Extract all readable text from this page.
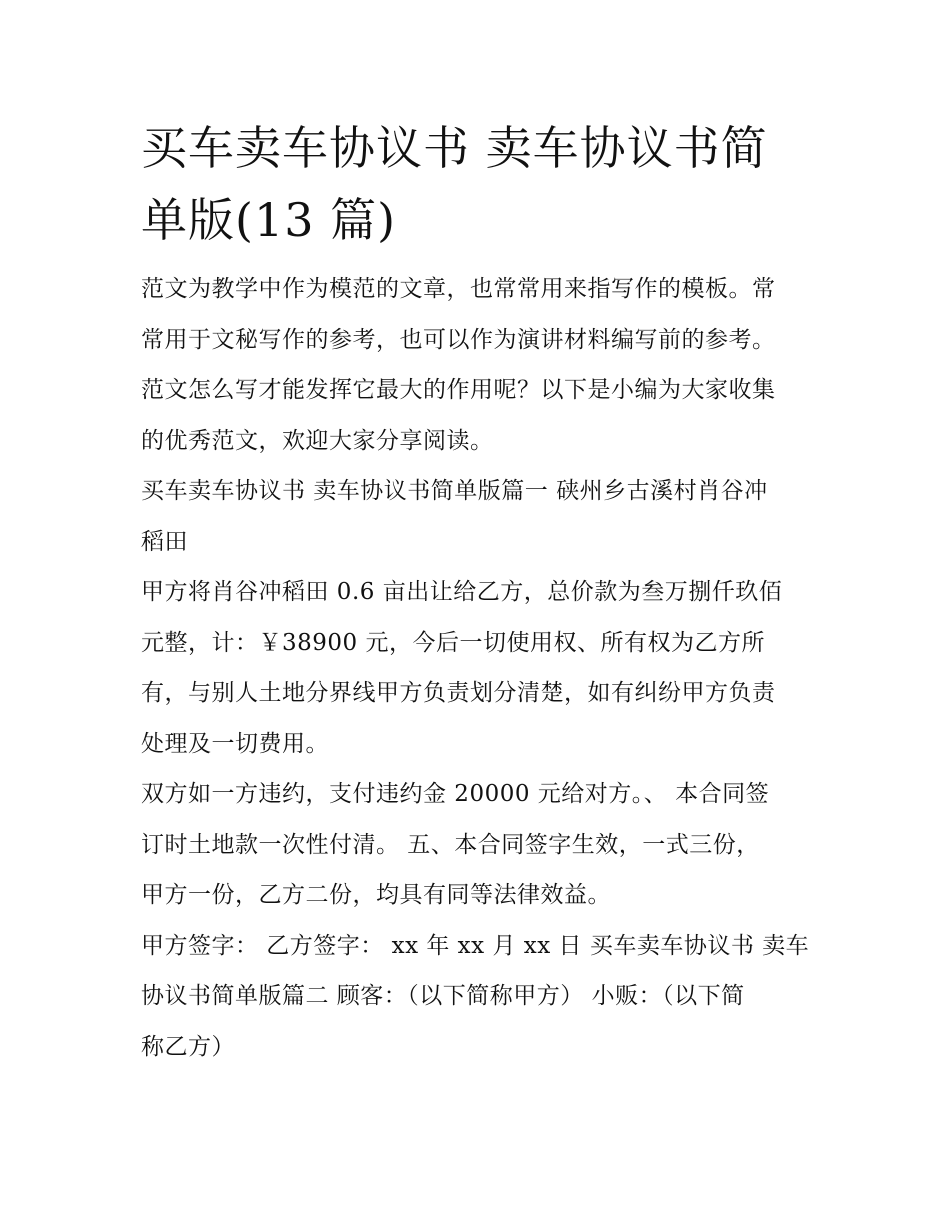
买车卖车协议书 卖车协议书简
单版(13 篇)

范文为教学中作为模范的文章，也常常用来指写作的模板。常
常用于文秘写作的参考，也可以作为演讲材料编写前的参考。
范文怎么写才能发挥它最大的作用呢？以下是小编为大家收集
的优秀范文，欢迎大家分享阅读。

买车卖车协议书 卖车协议书简单版篇一 硖州乡古溪村肖谷冲
稻田

甲方将肖谷冲稻田 0.6 亩出让给乙方，总价款为叁万捌仟玖佰
元整，计：￥38900 元，今后一切使用权、所有权为乙方所
有，与别人土地分界线甲方负责划分清楚，如有纠纷甲方负责
处理及一切费用。

双方如一方违约，支付违约金 20000 元给对方。、 本合同签
订时土地款一次性付清。 五、本合同签字生效，一式三份，
甲方一份，乙方二份，均具有同等法律效益。

甲方签字： 乙方签字： xx 年 xx 月 xx 日 买车卖车协议书 卖车
协议书简单版篇二 顾客：（以下简称甲方） 小贩：（以下简
称乙方）
